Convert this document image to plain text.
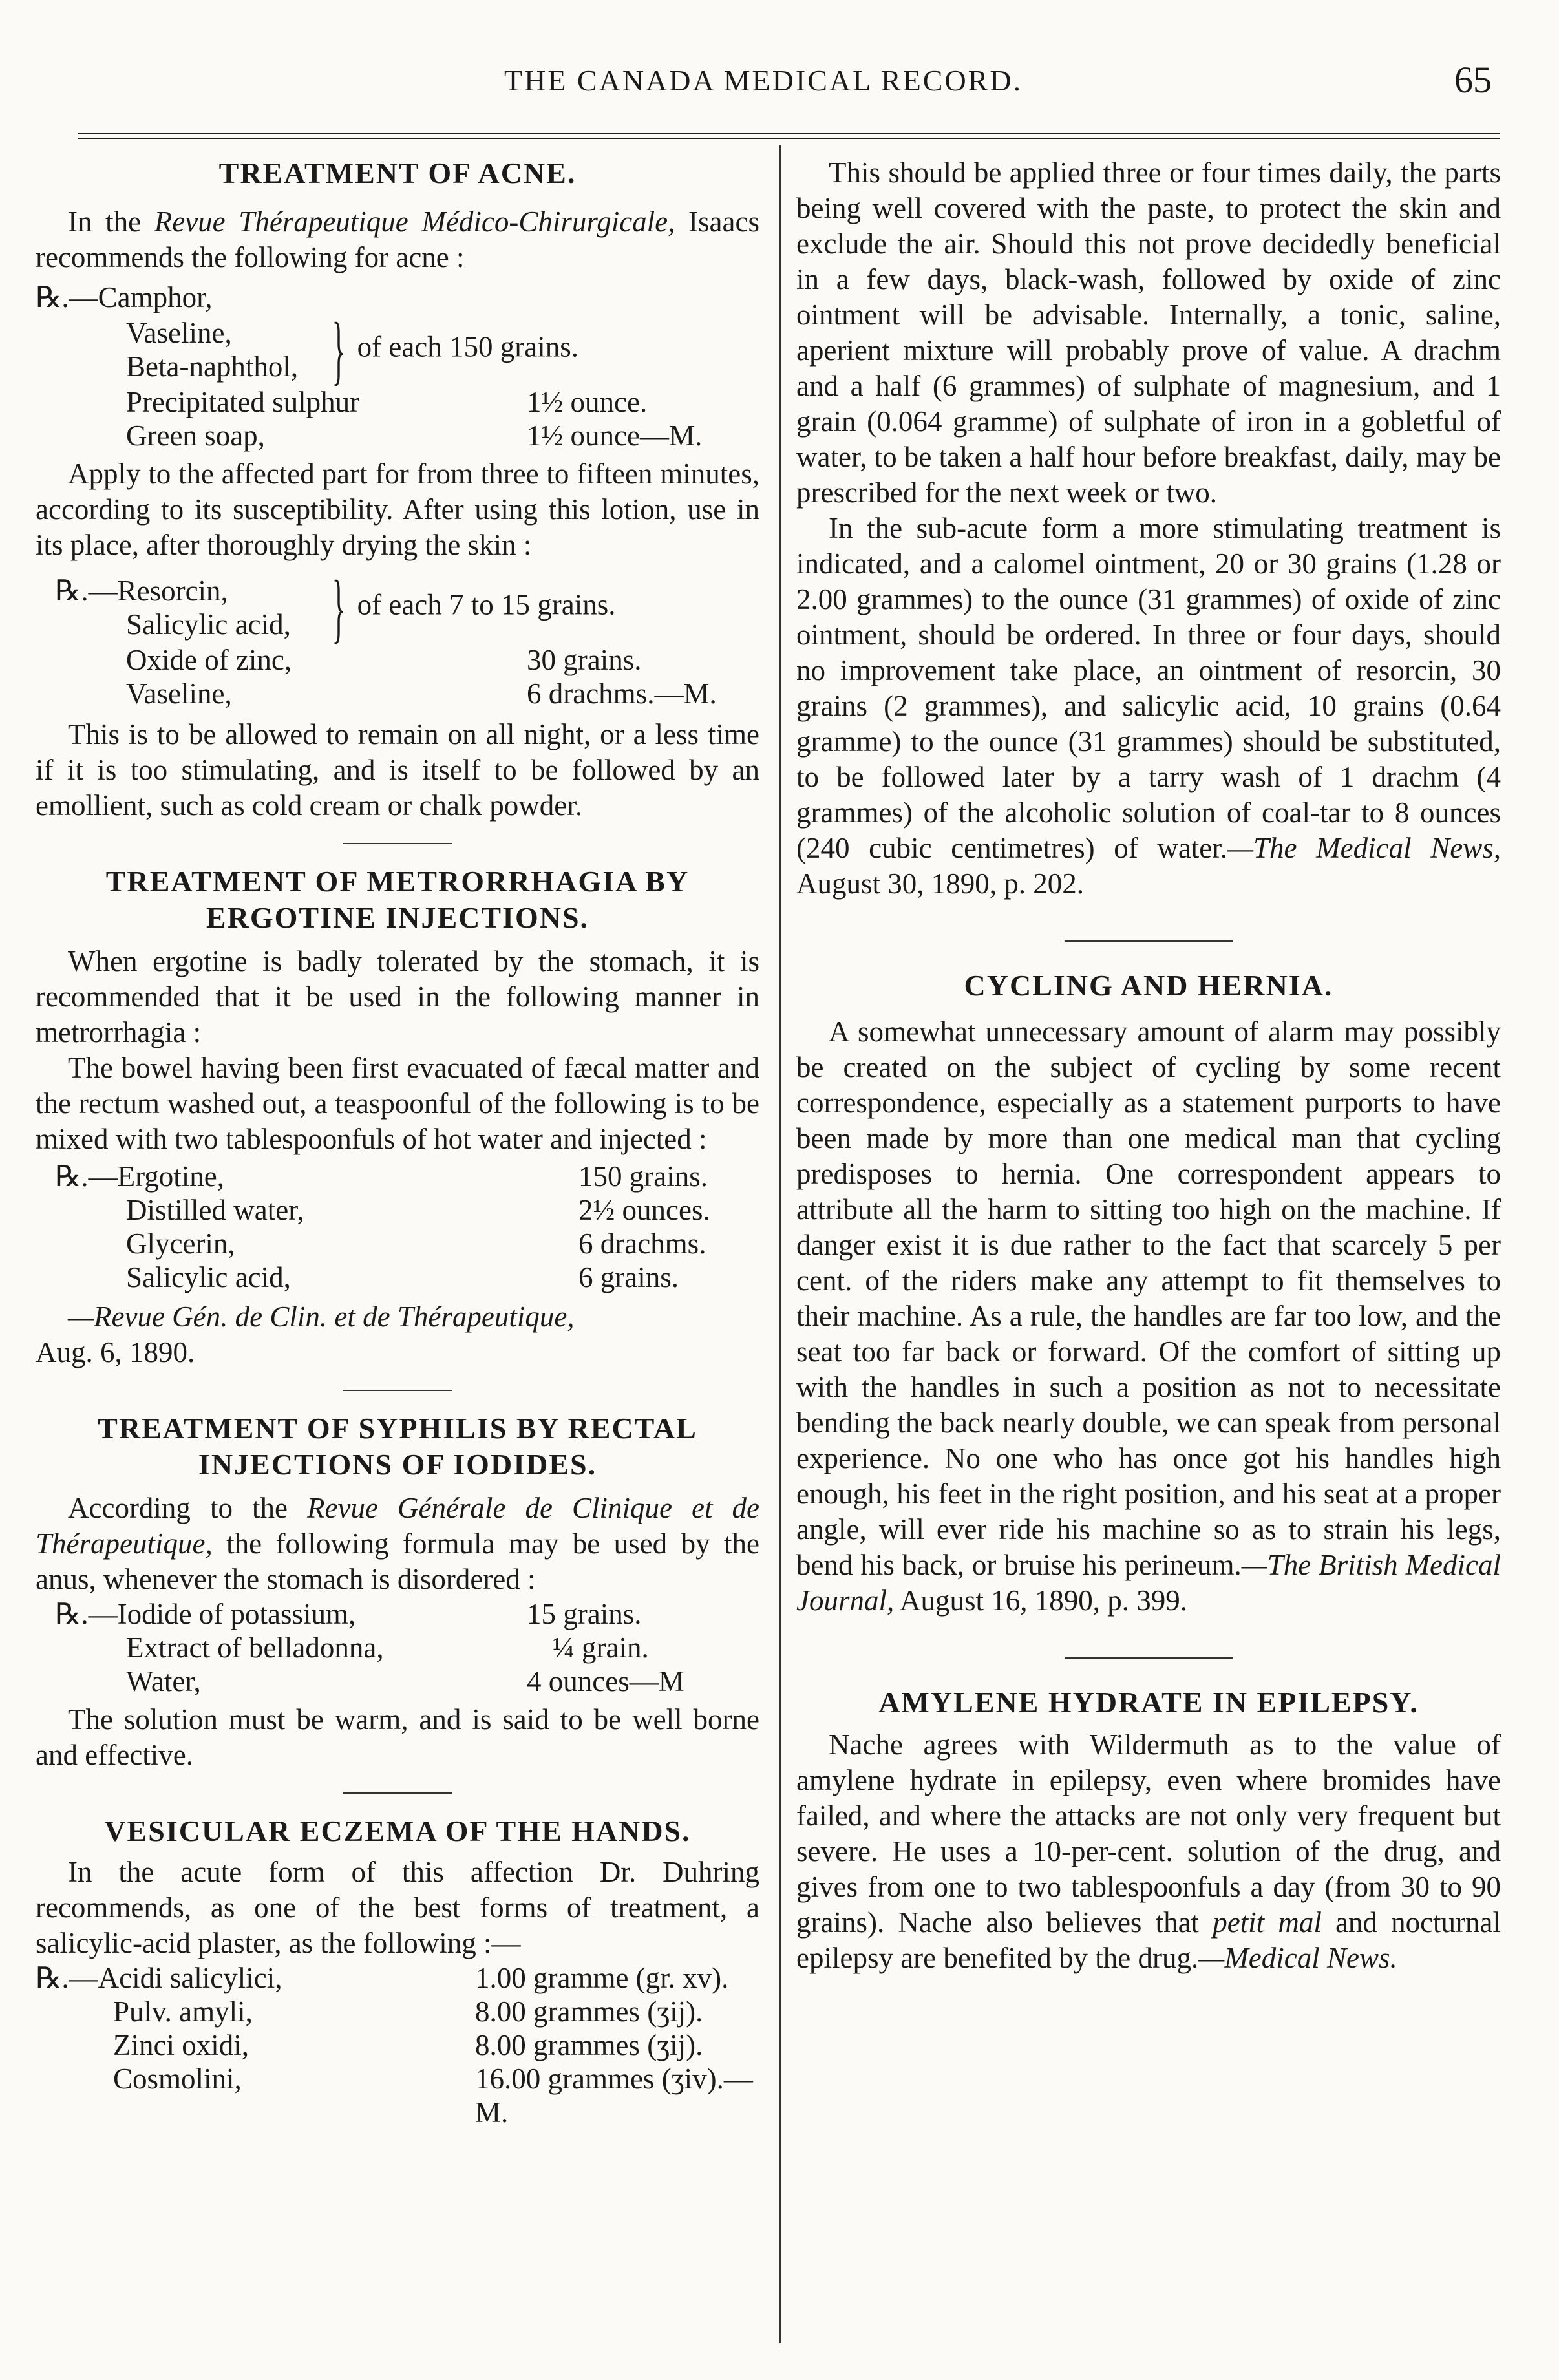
THE CANADA MEDICAL RECORD.	65
TREATMENT OF ACNE.

In the Revue Thérapeutique Médico-Chirurgicale, Isaacs recommends the following for acne :

℞.—Camphor,

Vaseline,
Beta-naphthol,	} of each 150 grains.
Precipitated sulphur	1½ ounce.
Green soap,	1½ ounce—M.

Apply to the affected part for from three to fifteen minutes, according to its susceptibility. After using this lotion, use in its place, after thoroughly drying the skin :

℞.—Resorcin,
Salicylic acid,	} of each 7 to 15 grains.
Oxide of zinc,	30 grains.
Vaseline,	6 drachms.—M.

This is to be allowed to remain on all night, or a less time if it is too stimulating, and is itself to be followed by an emollient, such as cold cream or chalk powder.

TREATMENT OF METRORRHAGIA BY
ERGOTINE INJECTIONS.

When ergotine is badly tolerated by the stomach, it is recommended that it be used in the following manner in metrorrhagia :

The bowel having been first evacuated of fæcal matter and the rectum washed out, a teaspoonful of the following is to be mixed with two tablespoonfuls of hot water and injected :

℞.—Ergotine,	150 grains.
Distilled water,	2½ ounces.
Glycerin,	6 drachms.
Salicylic acid,	6 grains.

—Revue Gén. de Clin. et de Thérapeutique,

Aug. 6, 1890.

TREATMENT OF SYPHILIS BY RECTAL
INJECTIONS OF IODIDES.

According to the Revue Générale de Clinique et de Thérapeutique, the following formula may be used by the anus, whenever the stomach is disordered :

℞.—Iodide of potassium,	15 grains.
Extract of belladonna,	¼ grain.
Water,	4 ounces—M

The solution must be warm, and is said to be well borne and effective.

VESICULAR ECZEMA OF THE HANDS.

In the acute form of this affection Dr. Duhring recommends, as one of the best forms of treatment, a salicylic-acid plaster, as the following :—

℞.—Acidi salicylici,	1.00 gramme (gr. xv).
Pulv. amyli,	8.00 grammes (ʒij).
Zinci oxidi,	8.00 grammes (ʒij).
Cosmolini,	16.00 grammes (ʒiv).—M.

This should be applied three or four times daily, the parts being well covered with the paste, to protect the skin and exclude the air. Should this not prove decidedly beneficial in a few days, black-wash, followed by oxide of zinc ointment will be advisable. Internally, a tonic, saline, aperient mixture will probably prove of value. A drachm and a half (6 grammes) of sulphate of magnesium, and 1 grain (0.064 gramme) of sulphate of iron in a gobletful of water, to be taken a half hour before breakfast, daily, may be prescribed for the next week or two.

In the sub-acute form a more stimulating treatment is indicated, and a calomel ointment, 20 or 30 grains (1.28 or 2.00 grammes) to the ounce (31 grammes) of oxide of zinc ointment, should be ordered. In three or four days, should no improvement take place, an ointment of resorcin, 30 grains (2 grammes), and salicylic acid, 10 grains (0.64 gramme) to the ounce (31 grammes) should be substituted, to be followed later by a tarry wash of 1 drachm (4 grammes) of the alcoholic solution of coal-tar to 8 ounces (240 cubic centimetres) of water.—The Medical News, August 30, 1890, p. 202.

CYCLING AND HERNIA.

A somewhat unnecessary amount of alarm may possibly be created on the subject of cycling by some recent correspondence, especially as a statement purports to have been made by more than one medical man that cycling predisposes to hernia. One correspondent appears to attribute all the harm to sitting too high on the machine. If danger exist it is due rather to the fact that scarcely 5 per cent. of the riders make any attempt to fit themselves to their machine. As a rule, the handles are far too low, and the seat too far back or forward. Of the comfort of sitting up with the handles in such a position as not to necessitate bending the back nearly double, we can speak from personal experience. No one who has once got his handles high enough, his feet in the right position, and his seat at a proper angle, will ever ride his machine so as to strain his legs, bend his back, or bruise his perineum.—The British Medical Journal, August 16, 1890, p. 399.

AMYLENE HYDRATE IN EPILEPSY.

Nache agrees with Wildermuth as to the value of amylene hydrate in epilepsy, even where bromides have failed, and where the attacks are not only very frequent but severe. He uses a 10-per-cent. solution of the drug, and gives from one to two tablespoonfuls a day (from 30 to 90 grains). Nache also believes that petit mal and nocturnal epilepsy are benefited by the drug.—Medical News.
